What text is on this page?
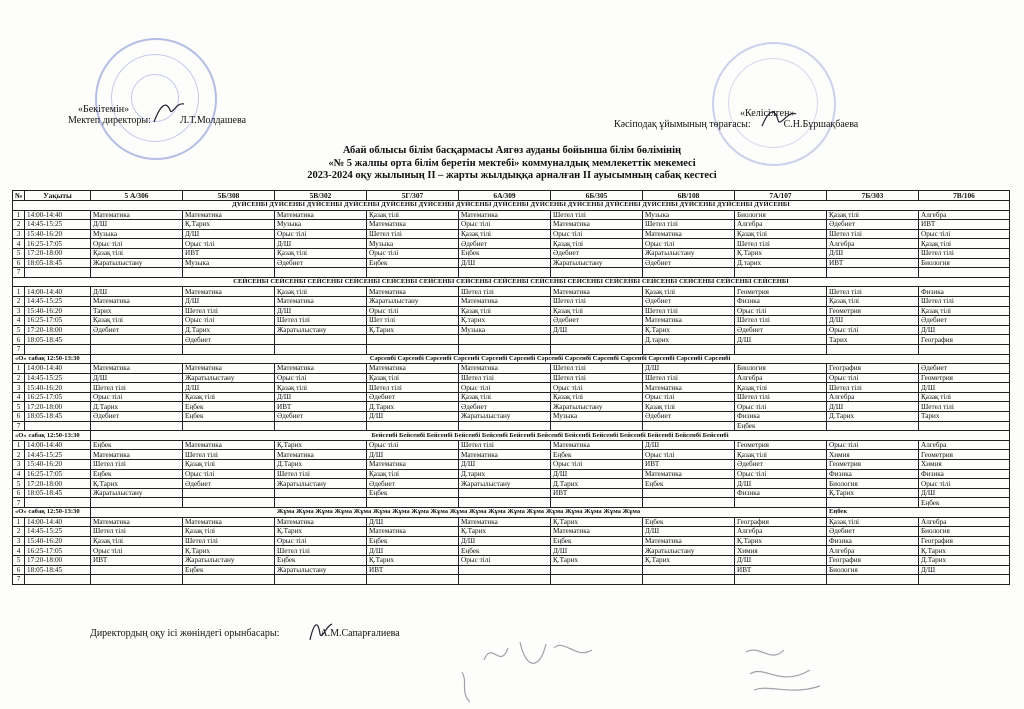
«Бекітемін»
Мектеп директоры:	Л.Т.Молдашева
«Келісілген»
Кәсіподақ ұйымының төрағасы:	С.Н.Бұршақбаева
Абай облысы білім басқармасы Аягөз ауданы бойынша білім бөлімінің
«№ 5 жалпы орта білім беретін мектебі» коммуналдық мемлекеттік мекемесі
2023-2024 оқу жылының ІІ – жарты жылдыққа арналған ІІ ауысымның сабақ кестесі
№	Уақыты	5 А/306	5Б/308	5В/302	5Г/307	6А/309	6Б/305	6В/108	7А/107	7Б/303	7В/106
ДҮЙСЕНБІ ДҮЙСЕНБІ ДҮЙСЕНБІ ДҮЙСЕНБІ ДҮЙСЕНБІ ДҮЙСЕНБІ ДҮЙСЕНБІ ДҮЙСЕНБІ ДҮЙСЕНБІ ДҮЙСЕНБІ ДҮЙСЕНБІ ДҮЙСЕНБІ ДҮЙСЕНБІ ДҮЙСЕНБІ ДҮЙСЕНБІ											
1	14:00-14:40	Математика	Математика	Математика	Қазақ тілі	Математика	Шетел тілі	Музыка	Биология	Қазақ тілі	Алгебра
2	14:45-15:25	Д/Ш	Қ.Тарих	Музыка	Математика	Орыс тілі	Математика	Шетел тілі	Алгебра	Әдебиет	ИВТ
3	15:40-16:20	Музыка	Д/Ш	Орыс тілі	Шетел тілі	Қазақ тілі	Орыс тілі	Математика	Қазақ тілі	Шетел тілі	Орыс тілі
4	16:25-17:05	Орыс тілі	Орыс тілі	Д/Ш	Музыка	Әдебиет	Қазақ тілі	Орыс тілі	Шетел тілі	Алгебра	Қазақ тілі
5	17:20-18:00	Қазақ тілі	ИВТ	Қазақ тілі	Орыс тілі	Еңбек	Әдебиет	Жаратылыстану	Қ.Тарих	Д/Ш	Шетел тілі
6	18:05-18:45	Жаратылыстану	Музыка	Әдебиет	Еңбек	Д/Ш	Жаратылыстану	Әдебиет	Д.тарих	ИВТ	Биология
7											
СЕЙСЕНБІ СЕЙСЕНБІ СЕЙСЕНБІ СЕЙСЕНБІ СЕЙСЕНБІ СЕЙСЕНБІ СЕЙСЕНБІ СЕЙСЕНБІ СЕЙСЕНБІ СЕЙСЕНБІ СЕЙСЕНБІ СЕЙСЕНБІ СЕЙСЕНБІ СЕЙСЕНБІ СЕЙСЕНБІ											
1	14:00-14:40	Д/Ш	Математика	Қазақ тілі	Математика	Шетел тілі	Математика	Қазақ тілі	Геометрия	Шетел тілі	Физика
2	14:45-15:25	Математика	Д/Ш	Математика	Жаратылыстану	Математика	Шетел тілі	Әдебиет	Физика	Қазақ тілі	Шетел тілі
3	15:40-16:20	Тарих	Шетел тілі	Д/Ш	Орыс тілі	Қазақ тілі	Қазақ тілі	Шетел тілі	Орыс тілі	Геометрия	Қазақ тілі
4	16:25-17:05	Қазақ тілі	Орыс тілі	Шетел тілі	Шет тілі	Қ.тарих	Әдебиет	Математика	Шетел тілі	Д/Ш	Әдебиет
5	17:20-18:00	Әдебиет	Д.Тарих	Жаратылыстану	Қ.Тарих	Музыка	Д/Ш	Қ.Тарих	Әдебиет	Орыс тілі	Д/Ш
6	18:05-18:45		Әдебиет					Д.тарих	Д/Ш	Тарих	География
7											
«О» сабақ 12:50-13:30		Сәрсенбі Сәрсенбі Сәрсенбі Сәрсенбі Сәрсенбі Сәрсенбі Сәрсенбі Сәрсенбі Сәрсенбі Сәрсенбі Сәрсенбі Сәрсенбі Сәрсенбі									
1	14:00-14:40	Математика	Математика	Математика	Математика	Математика	Шетел тілі	Д/Ш	Биология	География	Әдебиет
2	14:45-15:25	Д/Ш	Жаратылыстану	Орыс тілі	Қазақ тілі	Шетел тілі	Шетел тілі	Шетел тілі	Алгебра	Орыс тілі	Геометрия
3	15:40-16:20	Шетел тілі	Д/Ш	Қазақ тілі	Шетел тілі	Орыс тілі	Орыс тілі	Математика	Қазақ тілі	Шетел тілі	Д/Ш
4	16:25-17:05	Орыс тілі	Қазақ тілі	Д/Ш	Әдебиет	Қазақ тілі	Қазақ тілі	Орыс тілі	Шетел тілі	Алгебра	Қазақ тілі
5	17:20-18:00	Д.Тарих	Еңбек	ИВТ	Д.Тарих	Әдебиет	Жаратылыстану	Қазақ тілі	Орыс тілі	Д/Ш	Шетел тілі
6	18:05-18:45	Әдебиет	Еңбек	Әдебиет	Д/Ш	Жаратылыстану	Музыка	Әдебиет	Физика	Д.Тарих	Тарих
7									Еңбек		
«О» сабақ 12:50-13:30		Бейсенбі Бейсенбі Бейсенбі Бейсенбі Бейсенбі Бейсенбі Бейсенбі Бейсенбі Бейсенбі Бейсенбі Бейсенбі Бейсенбі Бейсенбі									
1	14:00-14:40	Еңбек	Математика	Қ.Тарих	Орыс тілі	Шетел тілі	Математика	Д/Ш	Геометрия	Орыс тілі	Алгебра
2	14:45-15:25	Математика	Шетел тілі	Математика	Д/Ш	Математика	Еңбек	Орыс тілі	Қазақ тілі	Химия	Геометрия
3	15:40-16:20	Шетел тілі	Қазақ тілі	Д.Тарих	Математика	Д/Ш	Орыс тілі	ИВТ	Әдебиет	Геометрия	Химия
4	16:25-17:05	Еңбек	Орыс тілі	Шетел тілі	Қазақ тілі	Д.тарих	Д/Ш	Математика	Орыс тілі	Физика	Физика
5	17:20-18:00	Қ.Тарих	Әдебиет	Жаратылыстану	Әдебиет	Жаратылыстану	Д.Тарих	Еңбек	Д/Ш	Биология	Орыс тілі
6	18:05-18:45	Жаратылыстану			Еңбек		ИВТ		Физика	Қ.Тарих	Д/Ш
7											Еңбек
«О» сабақ 12:50-13:30		Жұма Жұма Жұма Жұма Жұма Жұма Жұма Жұма Жұма Жұма Жұма Жұма Жұма Жұма Жұма Жұма Жұма Жұма Жұма								Еңбек	
1	14:00-14:40	Математика	Математика	Математика	Д/Ш	Математика	Қ.Тарих	Еңбек	География	Қазақ тілі	Алгебра
2	14:45-15:25	Шетел тілі	Қазақ тілі	Қ.Тарих	Математика	Қ.Тарих	Математика	Д/Ш	Алгебра	Әдебиет	Биология
3	15:40-16:20	Қазақ тілі	Шетел тілі	Орыс тілі	Еңбек	Д/Ш	Еңбек	Математика	Қ.Тарих	Физика	География
4	16:25-17:05	Орыс тілі	Қ.Тарих	Шетел тілі	Д/Ш	Еңбек	Д/Ш	Жаратылыстану	Химия	Алгебра	Қ.Тарих
5	17:20-18:00	ИВТ	Жаратылыстану	Еңбек	Қ.Тарих	Орыс тілі	Қ.Тарих	Қ.Тарих	Д/Ш	География	Д.Тарих
6	18:05-18:45		Еңбек	Жаратылыстану	ИВТ				ИВТ	Биология	Д/Ш
7											
Директордың оқу ісі жөніндегі орынбасары:	А.М.Сапарғалиева
